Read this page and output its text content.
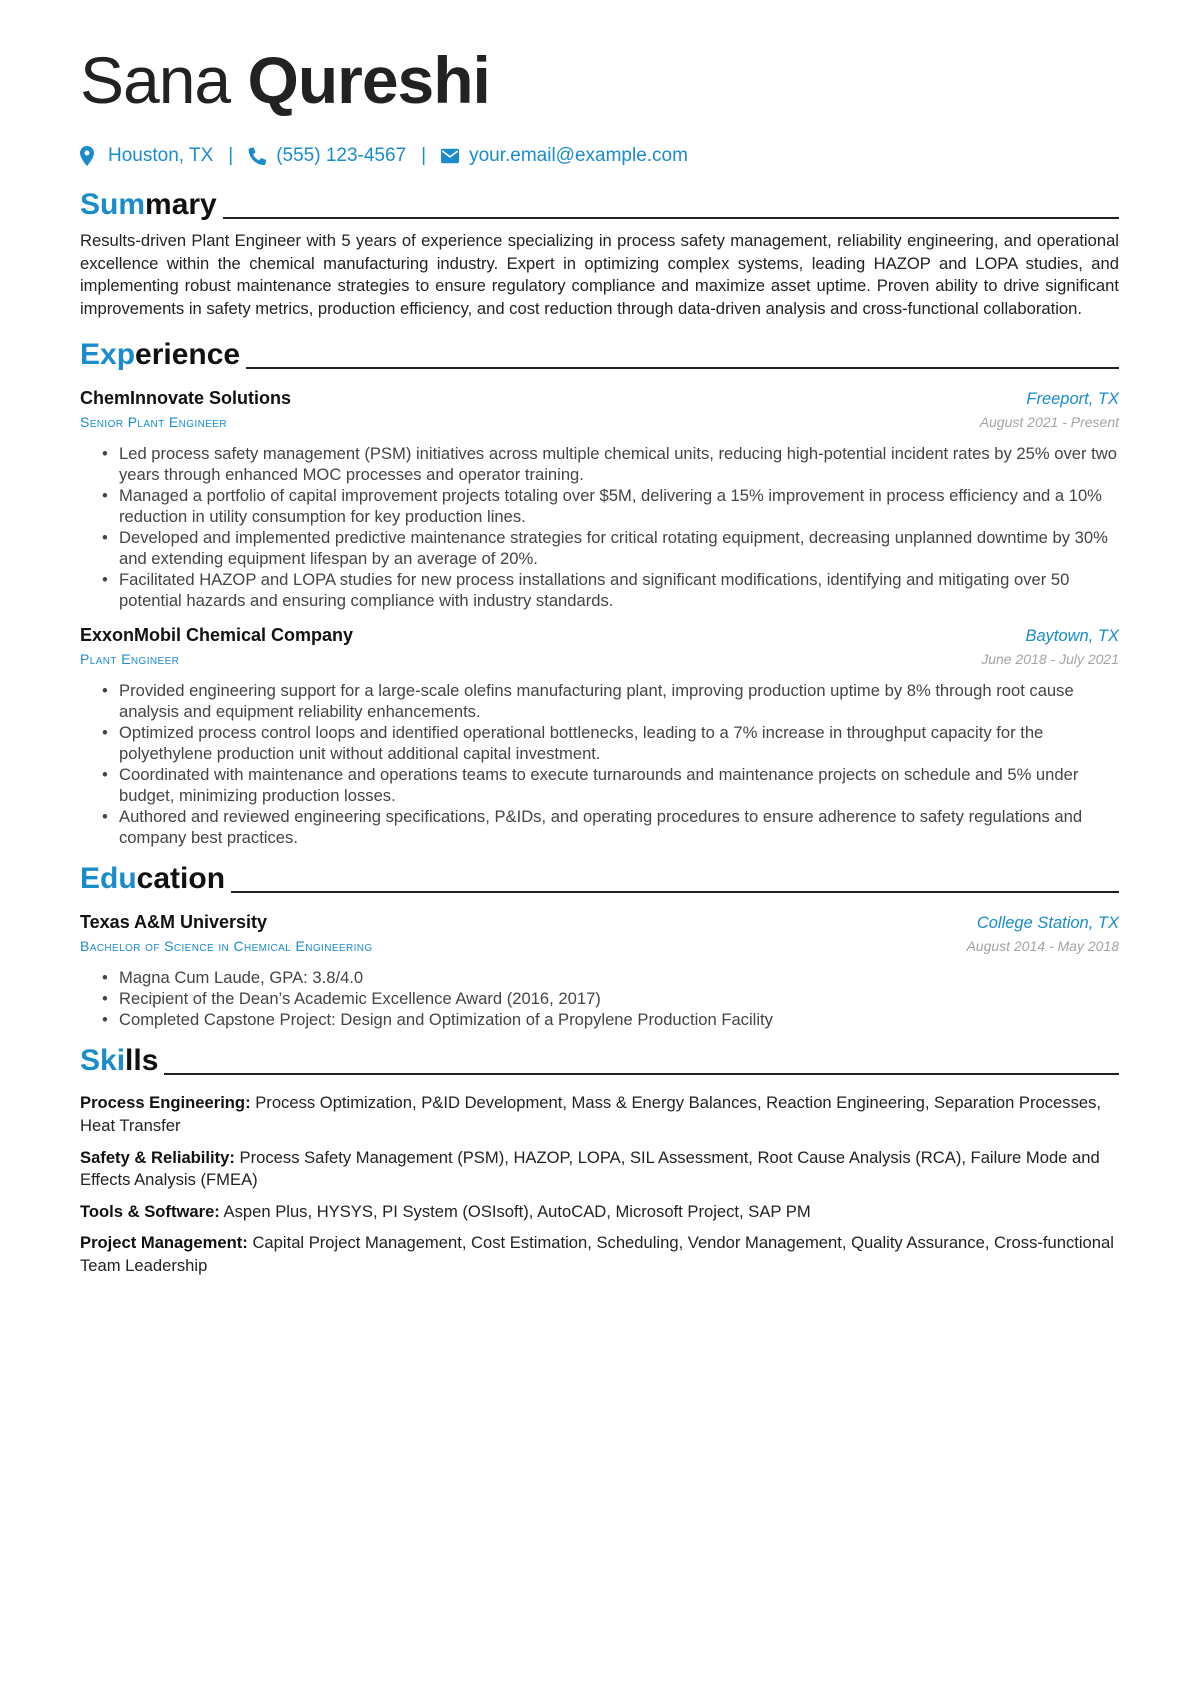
Sana Qureshi
Houston, TX | (555) 123-4567 | your.email@example.com
Summary
Results-driven Plant Engineer with 5 years of experience specializing in process safety management, reliability engineering, and operational excellence within the chemical manufacturing industry. Expert in optimizing complex systems, leading HAZOP and LOPA studies, and implementing robust maintenance strategies to ensure regulatory compliance and maximize asset uptime. Proven ability to drive significant improvements in safety metrics, production efficiency, and cost reduction through data-driven analysis and cross-functional collaboration.
Experience
ChemInnovate Solutions	Freeport, TX
Senior Plant Engineer	August 2021 - Present
• Led process safety management (PSM) initiatives across multiple chemical units, reducing high-potential incident rates by 25% over two years through enhanced MOC processes and operator training.
• Managed a portfolio of capital improvement projects totaling over $5M, delivering a 15% improvement in process efficiency and a 10% reduction in utility consumption for key production lines.
• Developed and implemented predictive maintenance strategies for critical rotating equipment, decreasing unplanned downtime by 30% and extending equipment lifespan by an average of 20%.
• Facilitated HAZOP and LOPA studies for new process installations and significant modifications, identifying and mitigating over 50 potential hazards and ensuring compliance with industry standards.
ExxonMobil Chemical Company	Baytown, TX
Plant Engineer	June 2018 - July 2021
• Provided engineering support for a large-scale olefins manufacturing plant, improving production uptime by 8% through root cause analysis and equipment reliability enhancements.
• Optimized process control loops and identified operational bottlenecks, leading to a 7% increase in throughput capacity for the polyethylene production unit without additional capital investment.
• Coordinated with maintenance and operations teams to execute turnarounds and maintenance projects on schedule and 5% under budget, minimizing production losses.
• Authored and reviewed engineering specifications, P&IDs, and operating procedures to ensure adherence to safety regulations and company best practices.
Education
Texas A&M University	College Station, TX
Bachelor of Science in Chemical Engineering	August 2014 - May 2018
• Magna Cum Laude, GPA: 3.8/4.0
• Recipient of the Dean’s Academic Excellence Award (2016, 2017)
• Completed Capstone Project: Design and Optimization of a Propylene Production Facility
Skills
Process Engineering: Process Optimization, P&ID Development, Mass & Energy Balances, Reaction Engineering, Separation Processes, Heat Transfer
Safety & Reliability: Process Safety Management (PSM), HAZOP, LOPA, SIL Assessment, Root Cause Analysis (RCA), Failure Mode and Effects Analysis (FMEA)
Tools & Software: Aspen Plus, HYSYS, PI System (OSIsoft), AutoCAD, Microsoft Project, SAP PM
Project Management: Capital Project Management, Cost Estimation, Scheduling, Vendor Management, Quality Assurance, Cross-functional Team Leadership
